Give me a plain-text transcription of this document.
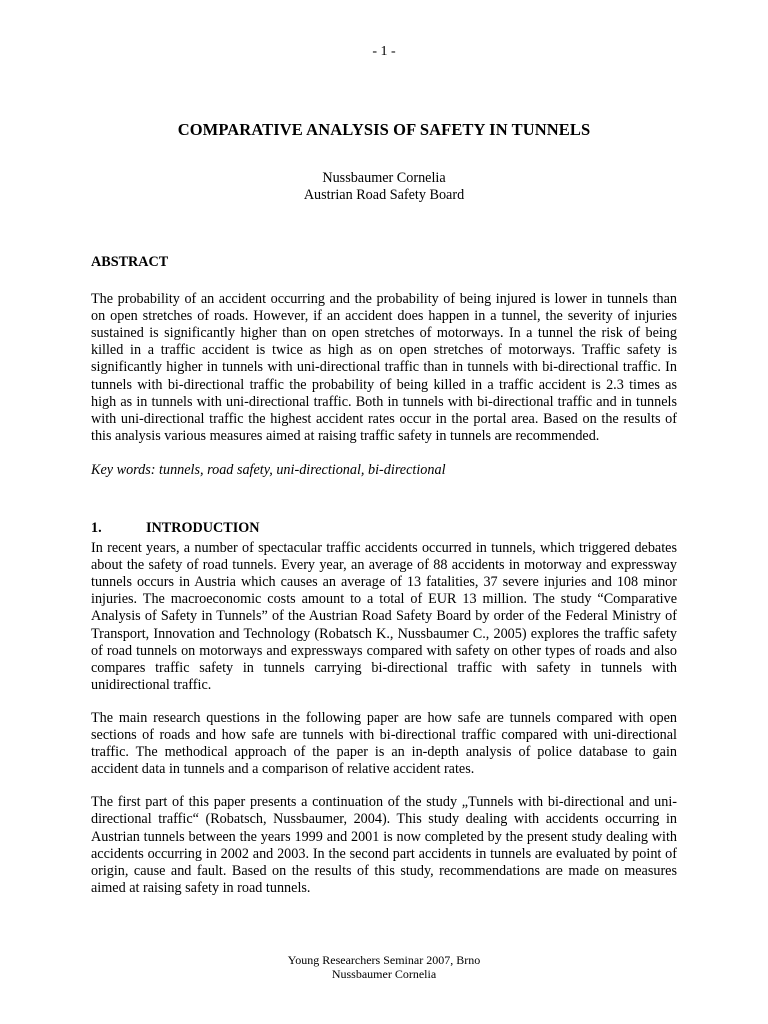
- 1 -
COMPARATIVE ANALYSIS OF SAFETY IN TUNNELS
Nussbaumer Cornelia
Austrian Road Safety Board
ABSTRACT

The probability of an accident occurring and the probability of being injured is lower in tunnels than on open stretches of roads. However, if an accident does happen in a tunnel, the severity of injuries sustained is significantly higher than on open stretches of motorways. In a tunnel the risk of being killed in a traffic accident is twice as high as on open stretches of motorways. Traffic safety is significantly higher in tunnels with uni-directional traffic than in tunnels with bi-directional traffic. In tunnels with bi-directional traffic the probability of being killed in a traffic accident is 2.3 times as high as in tunnels with uni-directional traffic. Both in tunnels with bi-directional traffic and in tunnels with uni-directional traffic the highest accident rates occur in the portal area. Based on the results of this analysis various measures aimed at raising traffic safety in tunnels are recommended.

Key words: tunnels, road safety, uni-directional, bi-directional

1.	INTRODUCTION

In recent years, a number of spectacular traffic accidents occurred in tunnels, which triggered debates about the safety of road tunnels. Every year, an average of 88 accidents in motorway and expressway tunnels occurs in Austria which causes an average of 13 fatalities, 37 severe injuries and 108 minor injuries. The macroeconomic costs amount to a total of EUR 13 million. The study “Comparative Analysis of Safety in Tunnels” of the Austrian Road Safety Board by order of the Federal Ministry of Transport, Innovation and Technology (Robatsch K., Nussbaumer C., 2005) explores the traffic safety of road tunnels on motorways and expressways compared with safety on other types of roads and also compares traffic safety in tunnels carrying bi-directional traffic with safety in tunnels with unidirectional traffic.

The main research questions in the following paper are how safe are tunnels compared with open sections of roads and how safe are tunnels with bi-directional traffic compared with uni-directional traffic. The methodical approach of the paper is an in-depth analysis of police database to gain accident data in tunnels and a comparison of relative accident rates.

The first part of this paper presents a continuation of the study „Tunnels with bi-directional and uni-directional traffic“ (Robatsch, Nussbaumer, 2004). This study dealing with accidents occurring in Austrian tunnels between the years 1999 and 2001 is now completed by the present study dealing with accidents occurring in 2002 and 2003. In the second part accidents in tunnels are evaluated by point of origin, cause and fault. Based on the results of this study, recommendations are made on measures aimed at raising safety in road tunnels.

Young Researchers Seminar 2007, Brno
Nussbaumer Cornelia
